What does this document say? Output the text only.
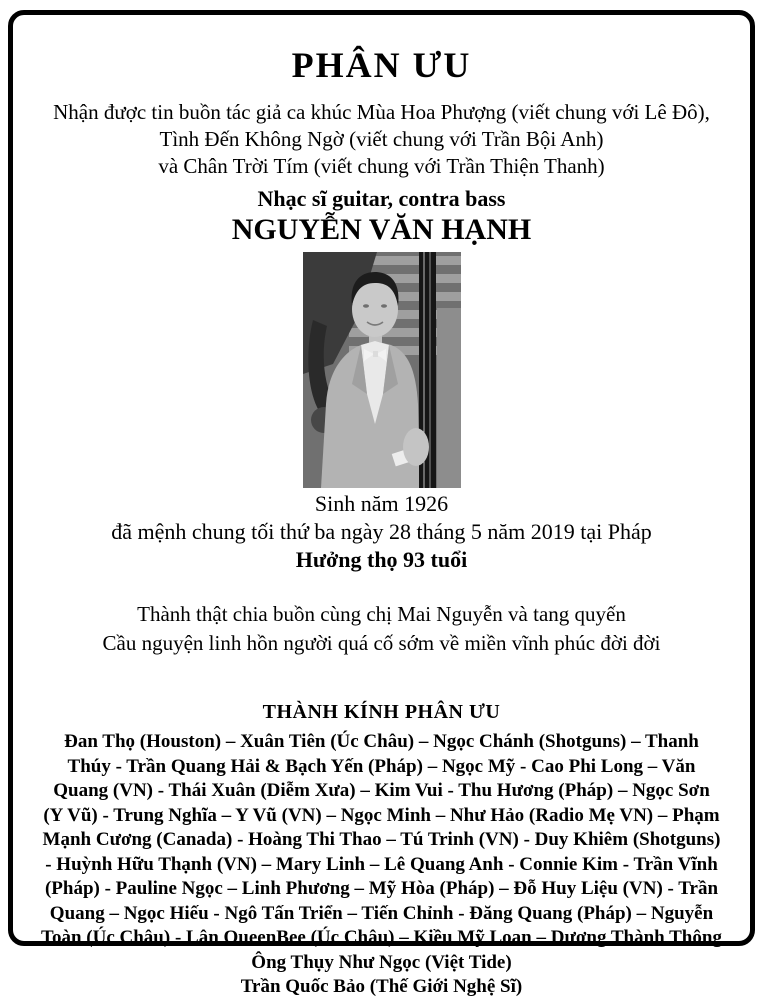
PHÂN ƯU
Nhận được tin buồn tác giả ca khúc Mùa Hoa Phượng (viết chung với Lê Đô),
Tình Đến Không Ngờ (viết chung với Trần Bội Anh)
và Chân Trời Tím (viết chung với Trần Thiện Thanh)
Nhạc sĩ guitar, contra bass
NGUYỄN VĂN HẠNH
Sinh năm 1926
đã mệnh chung tối thứ ba ngày 28 tháng 5 năm 2019 tại Pháp
Hưởng thọ 93 tuổi
Thành thật chia buồn cùng chị Mai Nguyễn và tang quyến
Cầu nguyện linh hồn người quá cố sớm về miền vĩnh phúc đời đời
THÀNH KÍNH PHÂN ƯU
Đan Thọ (Houston) – Xuân Tiên (Úc Châu) – Ngọc Chánh (Shotguns) – Thanh
Thúy - Trần Quang Hải & Bạch Yến (Pháp) – Ngọc Mỹ - Cao Phi Long – Văn
Quang (VN) - Thái Xuân (Diễm Xưa) – Kim Vui - Thu Hương (Pháp) – Ngọc Sơn
(Y Vũ) - Trung Nghĩa – Y Vũ (VN) – Ngọc Minh – Như Hảo (Radio Mẹ VN) – Phạm
Mạnh Cương (Canada) - Hoàng Thi Thao – Tú Trinh (VN) - Duy Khiêm (Shotguns)
- Huỳnh Hữu Thạnh (VN) – Mary Linh – Lê Quang Anh - Connie Kim - Trần Vĩnh
(Pháp) - Pauline Ngọc – Linh Phương – Mỹ Hòa (Pháp) – Đỗ Huy Liệu (VN) - Trần
Quang – Ngọc Hiếu - Ngô Tấn Triển – Tiến Chỉnh - Đăng Quang (Pháp) – Nguyễn
Toàn (Úc Châu) - Lân QueenBee (Úc Châu) – Kiều Mỹ Loan – Dương Thành Thông
Ông Thụy Như Ngọc (Việt Tide)
Trần Quốc Bảo (Thế Giới Nghệ Sĩ)
